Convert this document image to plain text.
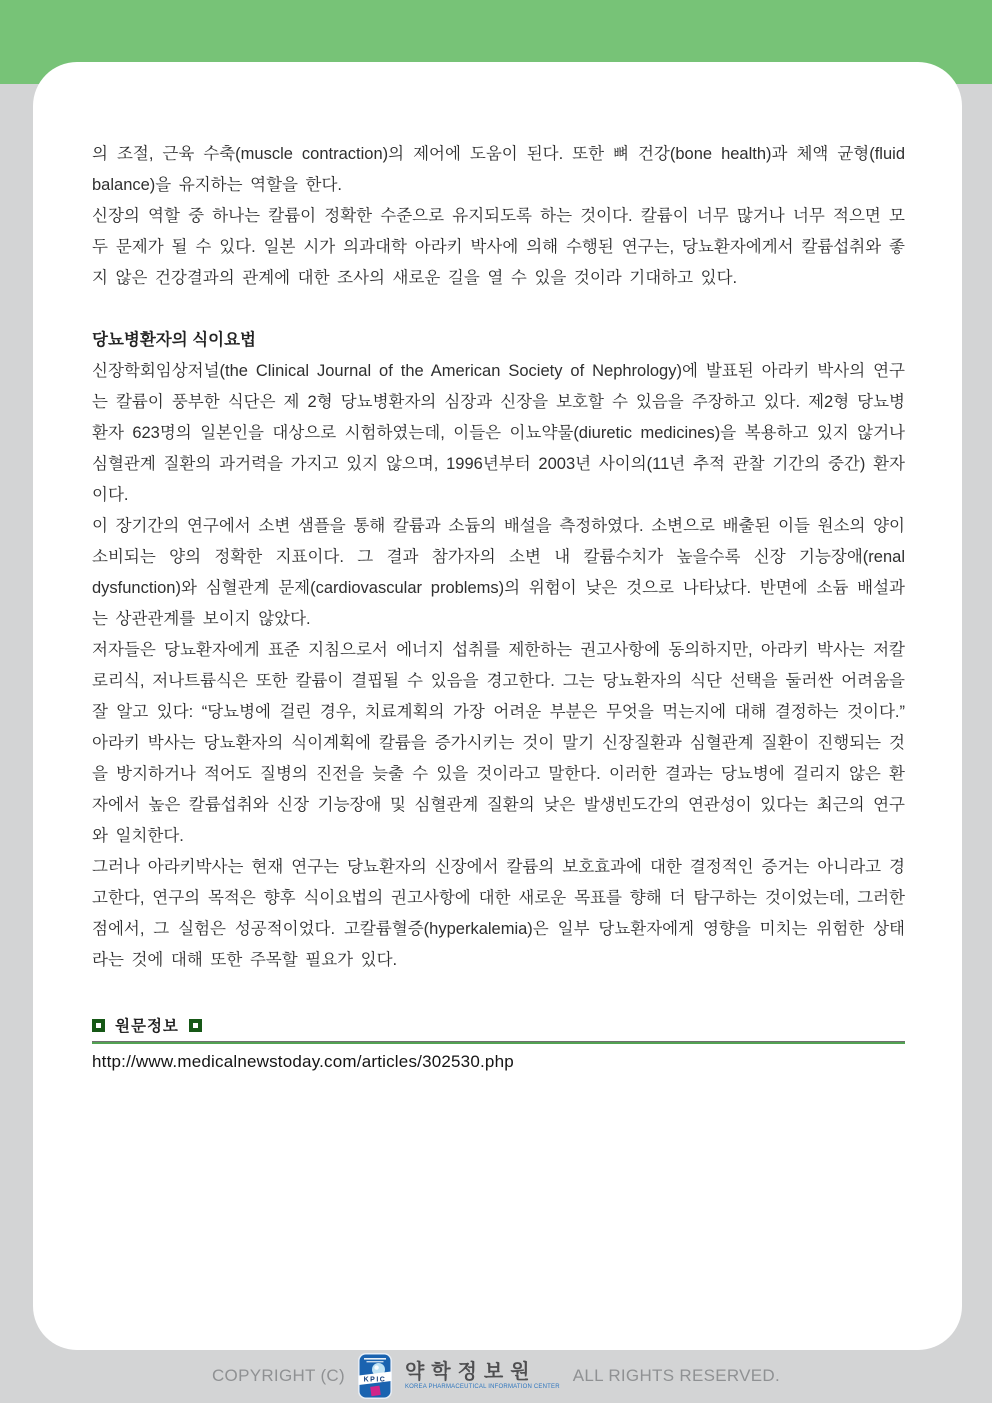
의 조절, 근육 수축(muscle contraction)의 제어에 도움이 된다. 또한 뼈 건강(bone health)과 체액 균형(fluid balance)을 유지하는 역할을 한다.

신장의 역할 중 하나는 칼륨이 정확한 수준으로 유지되도록 하는 것이다. 칼륨이 너무 많거나 너무 적으면 모두 문제가 될 수 있다. 일본 시가 의과대학 아라키 박사에 의해 수행된 연구는, 당뇨환자에게서 칼륨섭취와 좋지 않은 건강결과의 관계에 대한 조사의 새로운 길을 열 수 있을 것이라 기대하고 있다.

당뇨병환자의 식이요법

신장학회임상저널(the Clinical Journal of the American Society of Nephrology)에 발표된 아라키 박사의 연구는 칼륨이 풍부한 식단은 제 2형 당뇨병환자의 심장과 신장을 보호할 수 있음을 주장하고 있다. 제2형 당뇨병환자 623명의 일본인을 대상으로 시험하였는데, 이들은 이뇨약물(diuretic medicines)을 복용하고 있지 않거나 심혈관계 질환의 과거력을 가지고 있지 않으며, 1996년부터 2003년 사이의(11년 추적 관찰 기간의 중간) 환자이다.

이 장기간의 연구에서 소변 샘플을 통해 칼륨과 소듐의 배설을 측정하였다. 소변으로 배출된 이들 원소의 양이 소비되는 양의 정확한 지표이다. 그 결과 참가자의 소변 내 칼륨수치가 높을수록 신장 기능장애(renal dysfunction)와 심혈관계 문제(cardiovascular problems)의 위험이 낮은 것으로 나타났다. 반면에 소듐 배설과는 상관관계를 보이지 않았다.

저자들은 당뇨환자에게 표준 지침으로서 에너지 섭취를 제한하는 권고사항에 동의하지만, 아라키 박사는 저칼로리식, 저나트륨식은 또한 칼륨이 결핍될 수 있음을 경고한다. 그는 당뇨환자의 식단 선택을 둘러싼 어려움을 잘 알고 있다: “당뇨병에 걸린 경우, 치료계획의 가장 어려운 부분은 무엇을 먹는지에 대해 결정하는 것이다.” 아라키 박사는 당뇨환자의 식이계획에 칼륨을 증가시키는 것이 말기 신장질환과 심혈관계 질환이 진행되는 것을 방지하거나 적어도 질병의 진전을 늦출 수 있을 것이라고 말한다. 이러한 결과는 당뇨병에 걸리지 않은 환자에서 높은 칼륨섭취와 신장 기능장애 및 심혈관계 질환의 낮은 발생빈도간의 연관성이 있다는 최근의 연구와 일치한다.

그러나 아라키박사는 현재 연구는 당뇨환자의 신장에서 칼륨의 보호효과에 대한 결정적인 증거는 아니라고 경고한다, 연구의 목적은 향후 식이요법의 권고사항에 대한 새로운 목표를 향해 더 탐구하는 것이었는데, 그러한 점에서, 그 실험은 성공적이었다. 고칼륨혈증(hyperkalemia)은 일부 당뇨환자에게 영향을 미치는 위험한 상태라는 것에 대해 또한 주목할 필요가 있다.

원문정보
http://www.medicalnewstoday.com/articles/302530.php
COPYRIGHT (C)	KPIC 약학정보원
KOREA PHARMACEUTICAL INFORMATION CENTER
ALL RIGHTS RESERVED.
